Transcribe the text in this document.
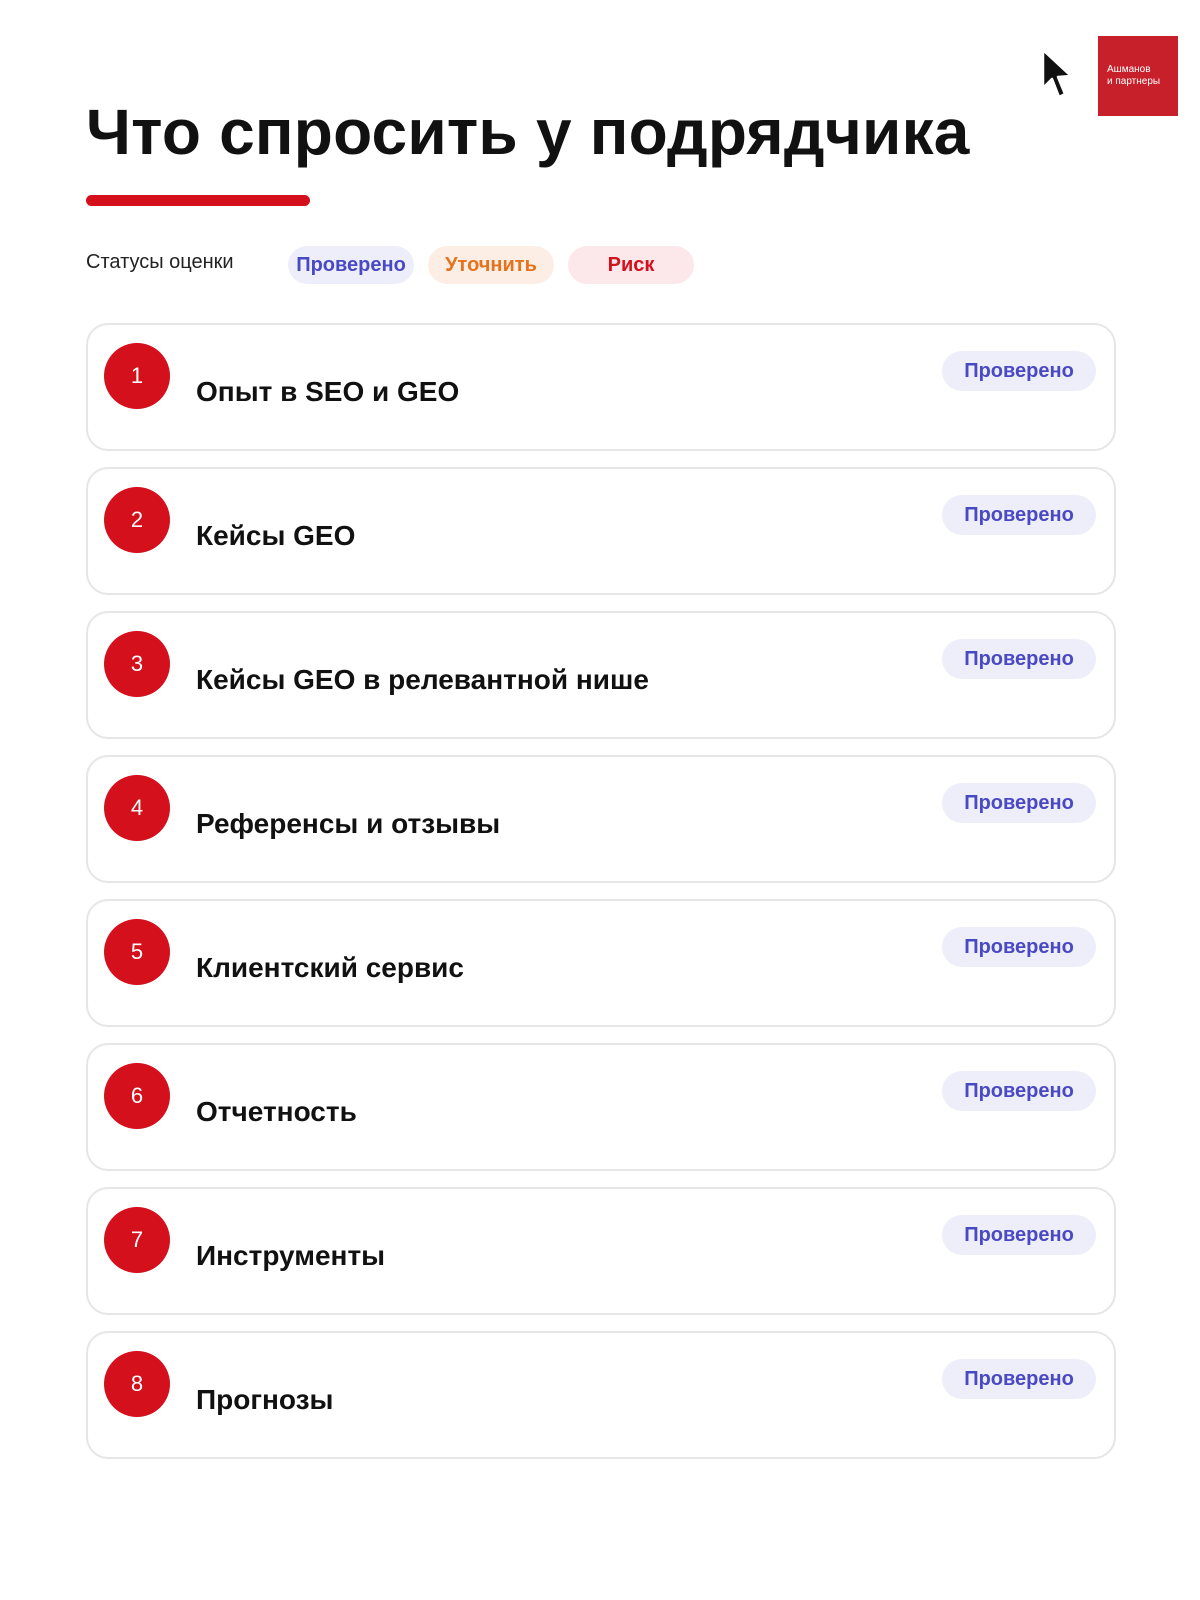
Ашманов
и партнеры
Что спросить у подрядчика
Статусы оценки	Проверено	Уточнить	Риск
1
Опыт в SEO и GEO
Проверено
2
Кейсы GEO
Проверено
3
Кейсы GEO в релевантной нише
Проверено
4
Референсы и отзывы
Проверено
5
Клиентский сервис
Проверено
6
Отчетность
Проверено
7
Инструменты
Проверено
8
Прогнозы
Проверено
